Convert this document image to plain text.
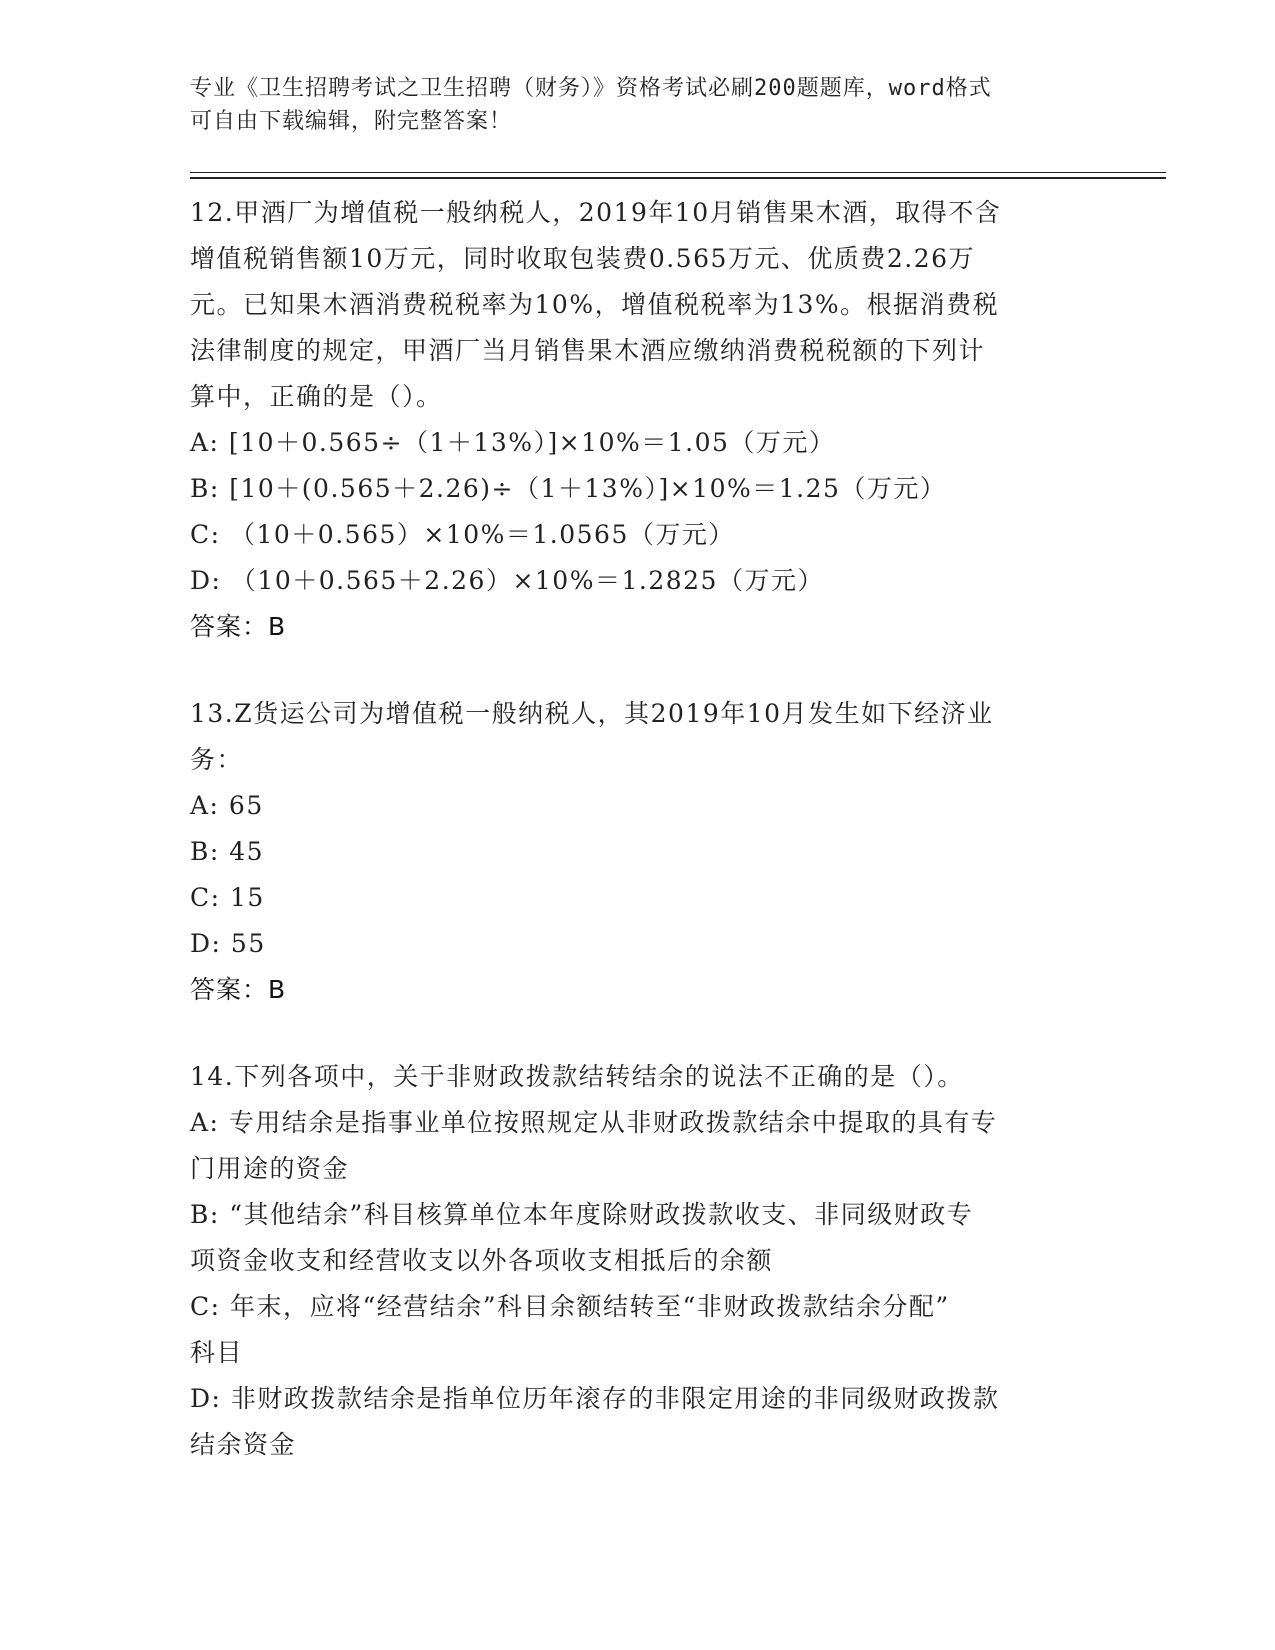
专业《卫生招聘考试之卫生招聘（财务）》资格考试必刷200题题库，word格式
可自由下载编辑，附完整答案！
12.甲酒厂为增值税一般纳税人，2019年10月销售果木酒，取得不含
增值税销售额10万元，同时收取包装费0.565万元、优质费2.26万
元。已知果木酒消费税税率为10%，增值税税率为13%。根据消费税
法律制度的规定，甲酒厂当月销售果木酒应缴纳消费税税额的下列计
算中，正确的是（）。
A: [10＋0.565÷（1＋13%）]×10%＝1.05（万元）
B: [10＋(0.565＋2.26)÷（1＋13%）]×10%＝1.25（万元）
C: （10＋0.565）×10%＝1.0565（万元）
D: （10＋0.565＋2.26）×10%＝1.2825（万元）
答案：B
13.Z货运公司为增值税一般纳税人，其2019年10月发生如下经济业
务：
A: 65
B: 45
C: 15
D: 55
答案：B
14.下列各项中，关于非财政拨款结转结余的说法不正确的是（）。
A: 专用结余是指事业单位按照规定从非财政拨款结余中提取的具有专
门用途的资金
B: “其他结余”科目核算单位本年度除财政拨款收支、非同级财政专
项资金收支和经营收支以外各项收支相抵后的余额
C: 年末，应将“经营结余”科目余额结转至“非财政拨款结余分配”
科目
D: 非财政拨款结余是指单位历年滚存的非限定用途的非同级财政拨款
结余资金
